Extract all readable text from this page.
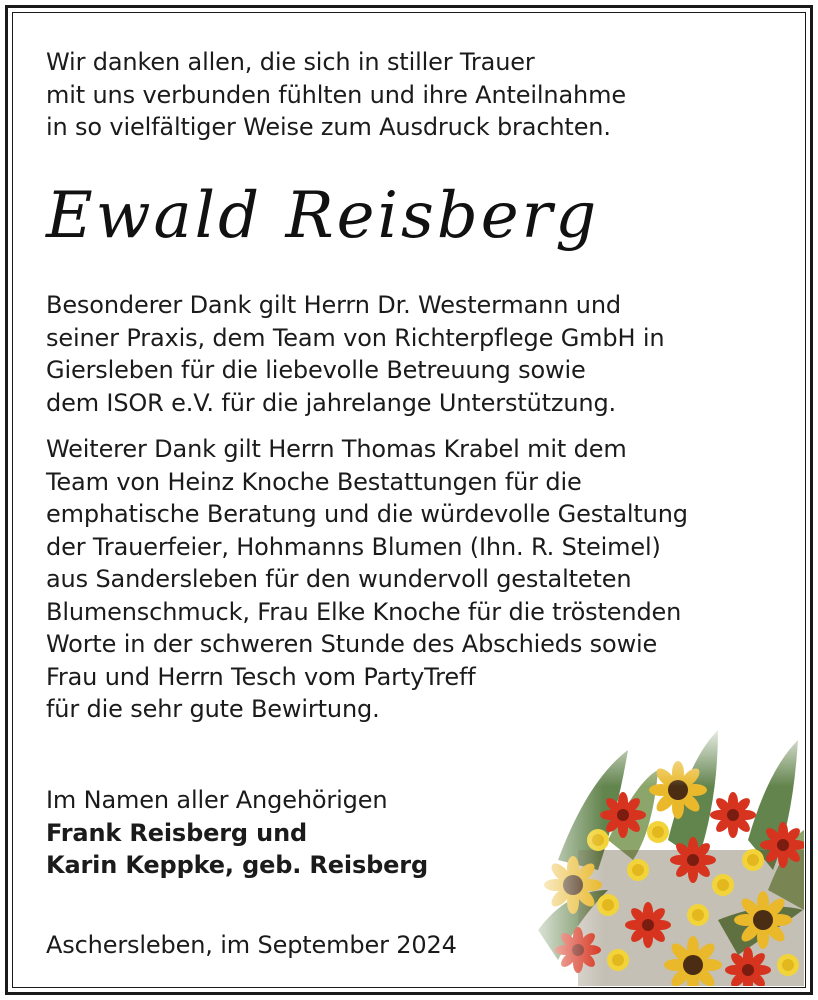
Wir danken allen, die sich in stiller Trauer
mit uns verbunden fühlten und ihre Anteilnahme
in so vielfältiger Weise zum Ausdruck brachten.
Ewald Reisberg
Besonderer Dank gilt Herrn Dr. Westermann und
seiner Praxis, dem Team von Richterpflege GmbH in
Giersleben für die liebevolle Betreuung sowie
dem ISOR e.V. für die jahrelange Unterstützung.
Weiterer Dank gilt Herrn Thomas Krabel mit dem
Team von Heinz Knoche Bestattungen für die
emphatische Beratung und die würdevolle Gestaltung
der Trauerfeier, Hohmanns Blumen (Ihn. R. Steimel)
aus Sandersleben für den wundervoll gestalteten
Blumenschmuck, Frau Elke Knoche für die tröstenden
Worte in der schweren Stunde des Abschieds sowie
Frau und Herrn Tesch vom PartyTreff
für die sehr gute Bewirtung.
Im Namen aller Angehörigen
Frank Reisberg und
Karin Keppke, geb. Reisberg
Aschersleben, im September 2024
